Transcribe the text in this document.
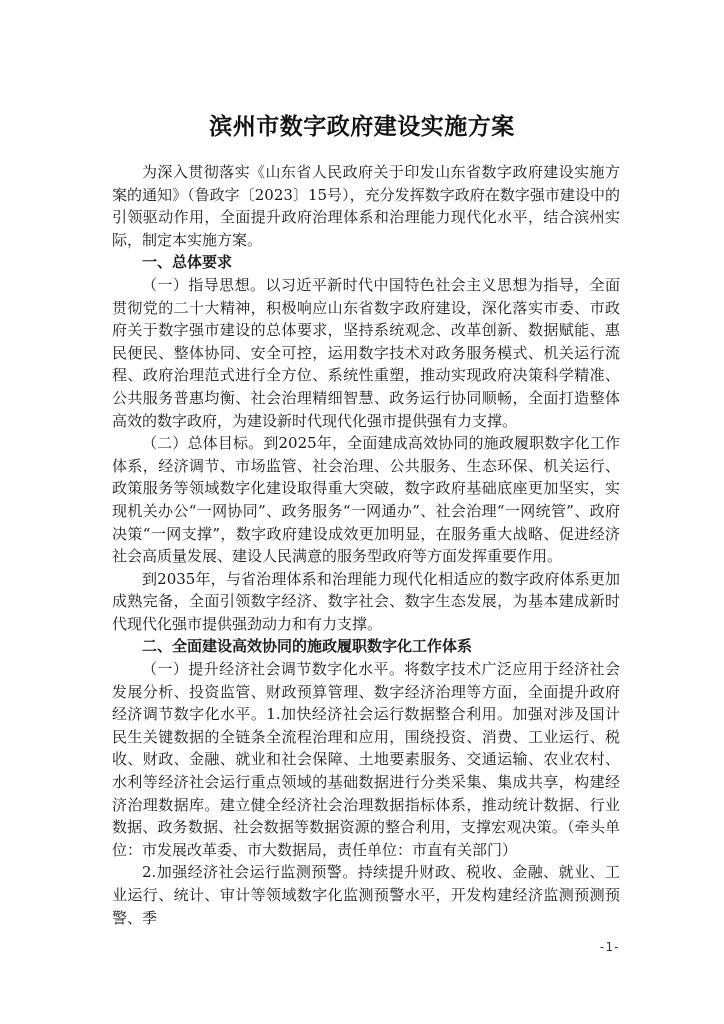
滨州市数字政府建设实施方案

为深入贯彻落实《山东省人民政府关于印发山东省数字政府建设实施方案的通知》（鲁政字〔2023〕15号），充分发挥数字政府在数字强市建设中的引领驱动作用，全面提升政府治理体系和治理能力现代化水平，结合滨州实际，制定本实施方案。

一、总体要求

（一）指导思想。以习近平新时代中国特色社会主义思想为指导，全面贯彻党的二十大精神，积极响应山东省数字政府建设，深化落实市委、市政府关于数字强市建设的总体要求，坚持系统观念、改革创新、数据赋能、惠民便民、整体协同、安全可控，运用数字技术对政务服务模式、机关运行流程、政府治理范式进行全方位、系统性重塑，推动实现政府决策科学精准、公共服务普惠均衡、社会治理精细智慧、政务运行协同顺畅，全面打造整体高效的数字政府，为建设新时代现代化强市提供强有力支撑。

（二）总体目标。到2025年，全面建成高效协同的施政履职数字化工作体系，经济调节、市场监管、社会治理、公共服务、生态环保、机关运行、政策服务等领域数字化建设取得重大突破，数字政府基础底座更加坚实，实现机关办公“一网协同”、政务服务“一网通办”、社会治理“一网统管”、政府决策“一网支撑”，数字政府建设成效更加明显，在服务重大战略、促进经济社会高质量发展、建设人民满意的服务型政府等方面发挥重要作用。

到2035年，与省治理体系和治理能力现代化相适应的数字政府体系更加成熟完备，全面引领数字经济、数字社会、数字生态发展，为基本建成新时代现代化强市提供强劲动力和有力支撑。

二、全面建设高效协同的施政履职数字化工作体系

（一）提升经济社会调节数字化水平。将数字技术广泛应用于经济社会发展分析、投资监管、财政预算管理、数字经济治理等方面，全面提升政府经济调节数字化水平。1.加快经济社会运行数据整合利用。加强对涉及国计民生关键数据的全链条全流程治理和应用，围绕投资、消费、工业运行、税收、财政、金融、就业和社会保障、土地要素服务、交通运输、农业农村、水利等经济社会运行重点领域的基础数据进行分类采集、集成共享，构建经济治理数据库。建立健全经济社会治理数据指标体系，推动统计数据、行业数据、政务数据、社会数据等数据资源的整合利用，支撑宏观决策。（牵头单位：市发展改革委、市大数据局，责任单位：市直有关部门）

2.加强经济社会运行监测预警。持续提升财政、税收、金融、就业、工业运行、统计、审计等领域数字化监测预警水平，开发构建经济监测预测预警、季

-1-
